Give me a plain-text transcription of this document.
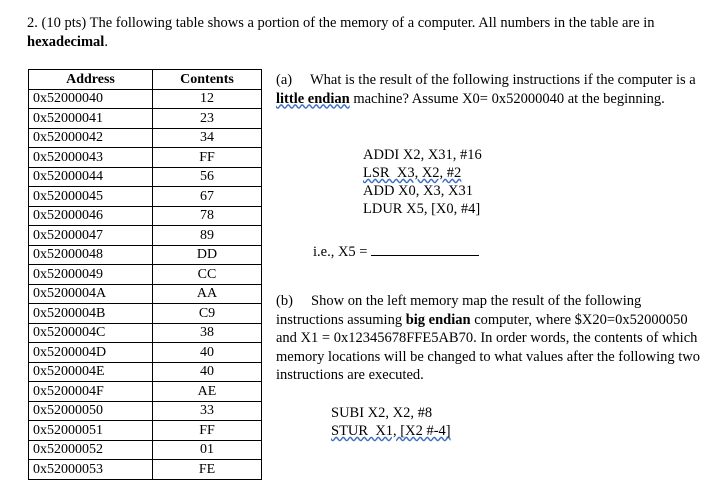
2. (10 pts) The following table shows a portion of the memory of a computer. All numbers in the table are in hexadecimal.
Address	Contents
0x52000040	12
0x52000041	23
0x52000042	34
0x52000043	FF
0x52000044	56
0x52000045	67
0x52000046	78
0x52000047	89
0x52000048	DD
0x52000049	CC
0x5200004A	AA
0x5200004B	C9
0x5200004C	38
0x5200004D	40
0x5200004E	40
0x5200004F	AE
0x52000050	33
0x52000051	FF
0x52000052	01
0x52000053	FE
(a) What is the result of the following instructions if the computer is a little endian machine? Assume X0= 0x52000040 at the beginning.
ADDI X2, X31, #16
LSR  X3, X2, #2
ADD X0, X3, X31
LDUR X5, [X0, #4]
i.e., X5 =
(b) Show on the left memory map the result of the following instructions assuming big endian computer, where $X20=0x52000050 and X1 = 0x12345678FFE5AB70. In order words, the contents of which memory locations will be changed to what values after the following two instructions are executed.
SUBI X2, X2, #8
STUR  X1, [X2 #-4]
